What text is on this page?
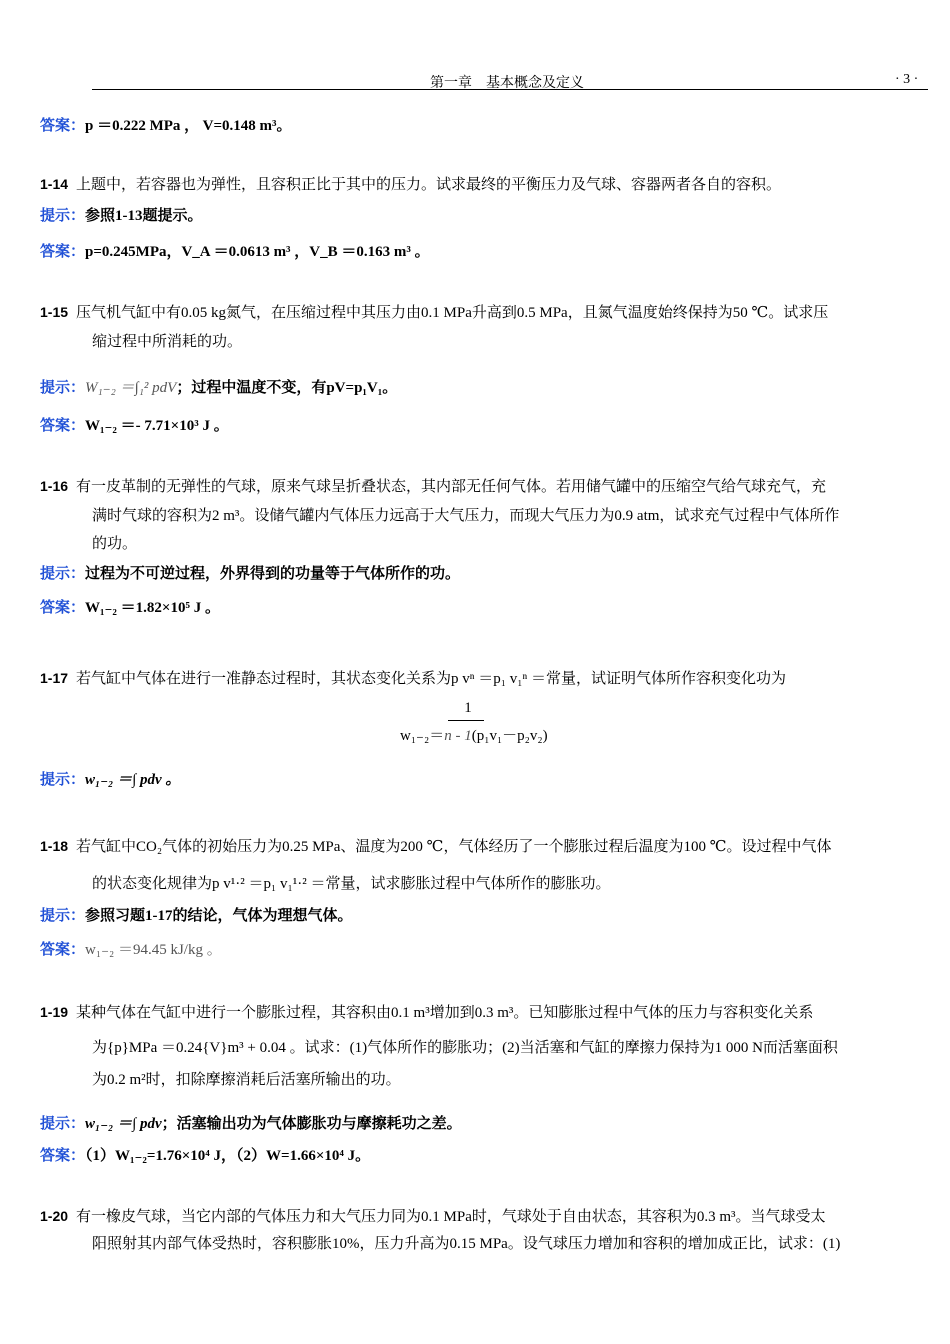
第一章　基本概念及定义	· 3 ·
答案：p ＝0.222 MPa ， V=0.148 m³。
1-14 上题中，若容器也为弹性，且容积正比于其中的压力。试求最终的平衡压力及气球、容器两者各自的容积。
提示：参照1-13题提示。
答案：p=0.245MPa，V_A ＝0.0613 m³ ，V_B ＝0.163 m³ 。
1-15 压气机气缸中有0.05 kg氮气，在压缩过程中其压力由0.1 MPa升高到0.5 MPa，且氮气温度始终保持为50 ℃。试求压
缩过程中所消耗的功。
提示：W₁₋₂ ＝∫₁² pdV；过程中温度不变，有pV=p₁V₁。
答案：W₁₋₂ ＝- 7.71×10³ J 。
1-16 有一皮革制的无弹性的气球，原来气球呈折叠状态，其内部无任何气体。若用储气罐中的压缩空气给气球充气，充
满时气球的容积为2 m³。设储气罐内气体压力远高于大气压力，而现大气压力为0.9 atm，试求充气过程中气体所作
的功。
提示：过程为不可逆过程，外界得到的功量等于气体所作的功。
答案：W₁₋₂ ＝1.82×10⁵ J 。
1-17 若气缸中气体在进行一准静态过程时，其状态变化关系为p vⁿ ＝p₁ v₁ⁿ ＝常量，试证明气体所作容积变化功为
1
w₁₋₂＝n - 1(p₁v₁－p₂v₂)
提示：w₁₋₂ ＝∫ pdv 。
1-18 若气缸中CO₂气体的初始压力为0.25 MPa、温度为200 ℃，气体经历了一个膨胀过程后温度为100 ℃。设过程中气体
的状态变化规律为p v¹·² ＝p₁ v₁¹·² ＝常量，试求膨胀过程中气体所作的膨胀功。
提示：参照习题1-17的结论，气体为理想气体。
答案：w₁₋₂ ＝94.45 kJ/kg 。
1-19 某种气体在气缸中进行一个膨胀过程，其容积由0.1 m³增加到0.3 m³。已知膨胀过程中气体的压力与容积变化关系
为{p}MPa ＝0.24{V}m³ + 0.04 。试求：(1)气体所作的膨胀功；(2)当活塞和气缸的摩擦力保持为1 000 N而活塞面积
为0.2 m²时，扣除摩擦消耗后活塞所输出的功。
提示：w₁₋₂ ＝∫ pdv；活塞输出功为气体膨胀功与摩擦耗功之差。
答案：（1）W₁₋₂=1.76×10⁴ J，（2）W=1.66×10⁴ J。
1-20 有一橡皮气球，当它内部的气体压力和大气压力同为0.1 MPa时，气球处于自由状态，其容积为0.3 m³。当气球受太
阳照射其内部气体受热时，容积膨胀10%，压力升高为0.15 MPa。设气球压力增加和容积的增加成正比，试求：(1)
